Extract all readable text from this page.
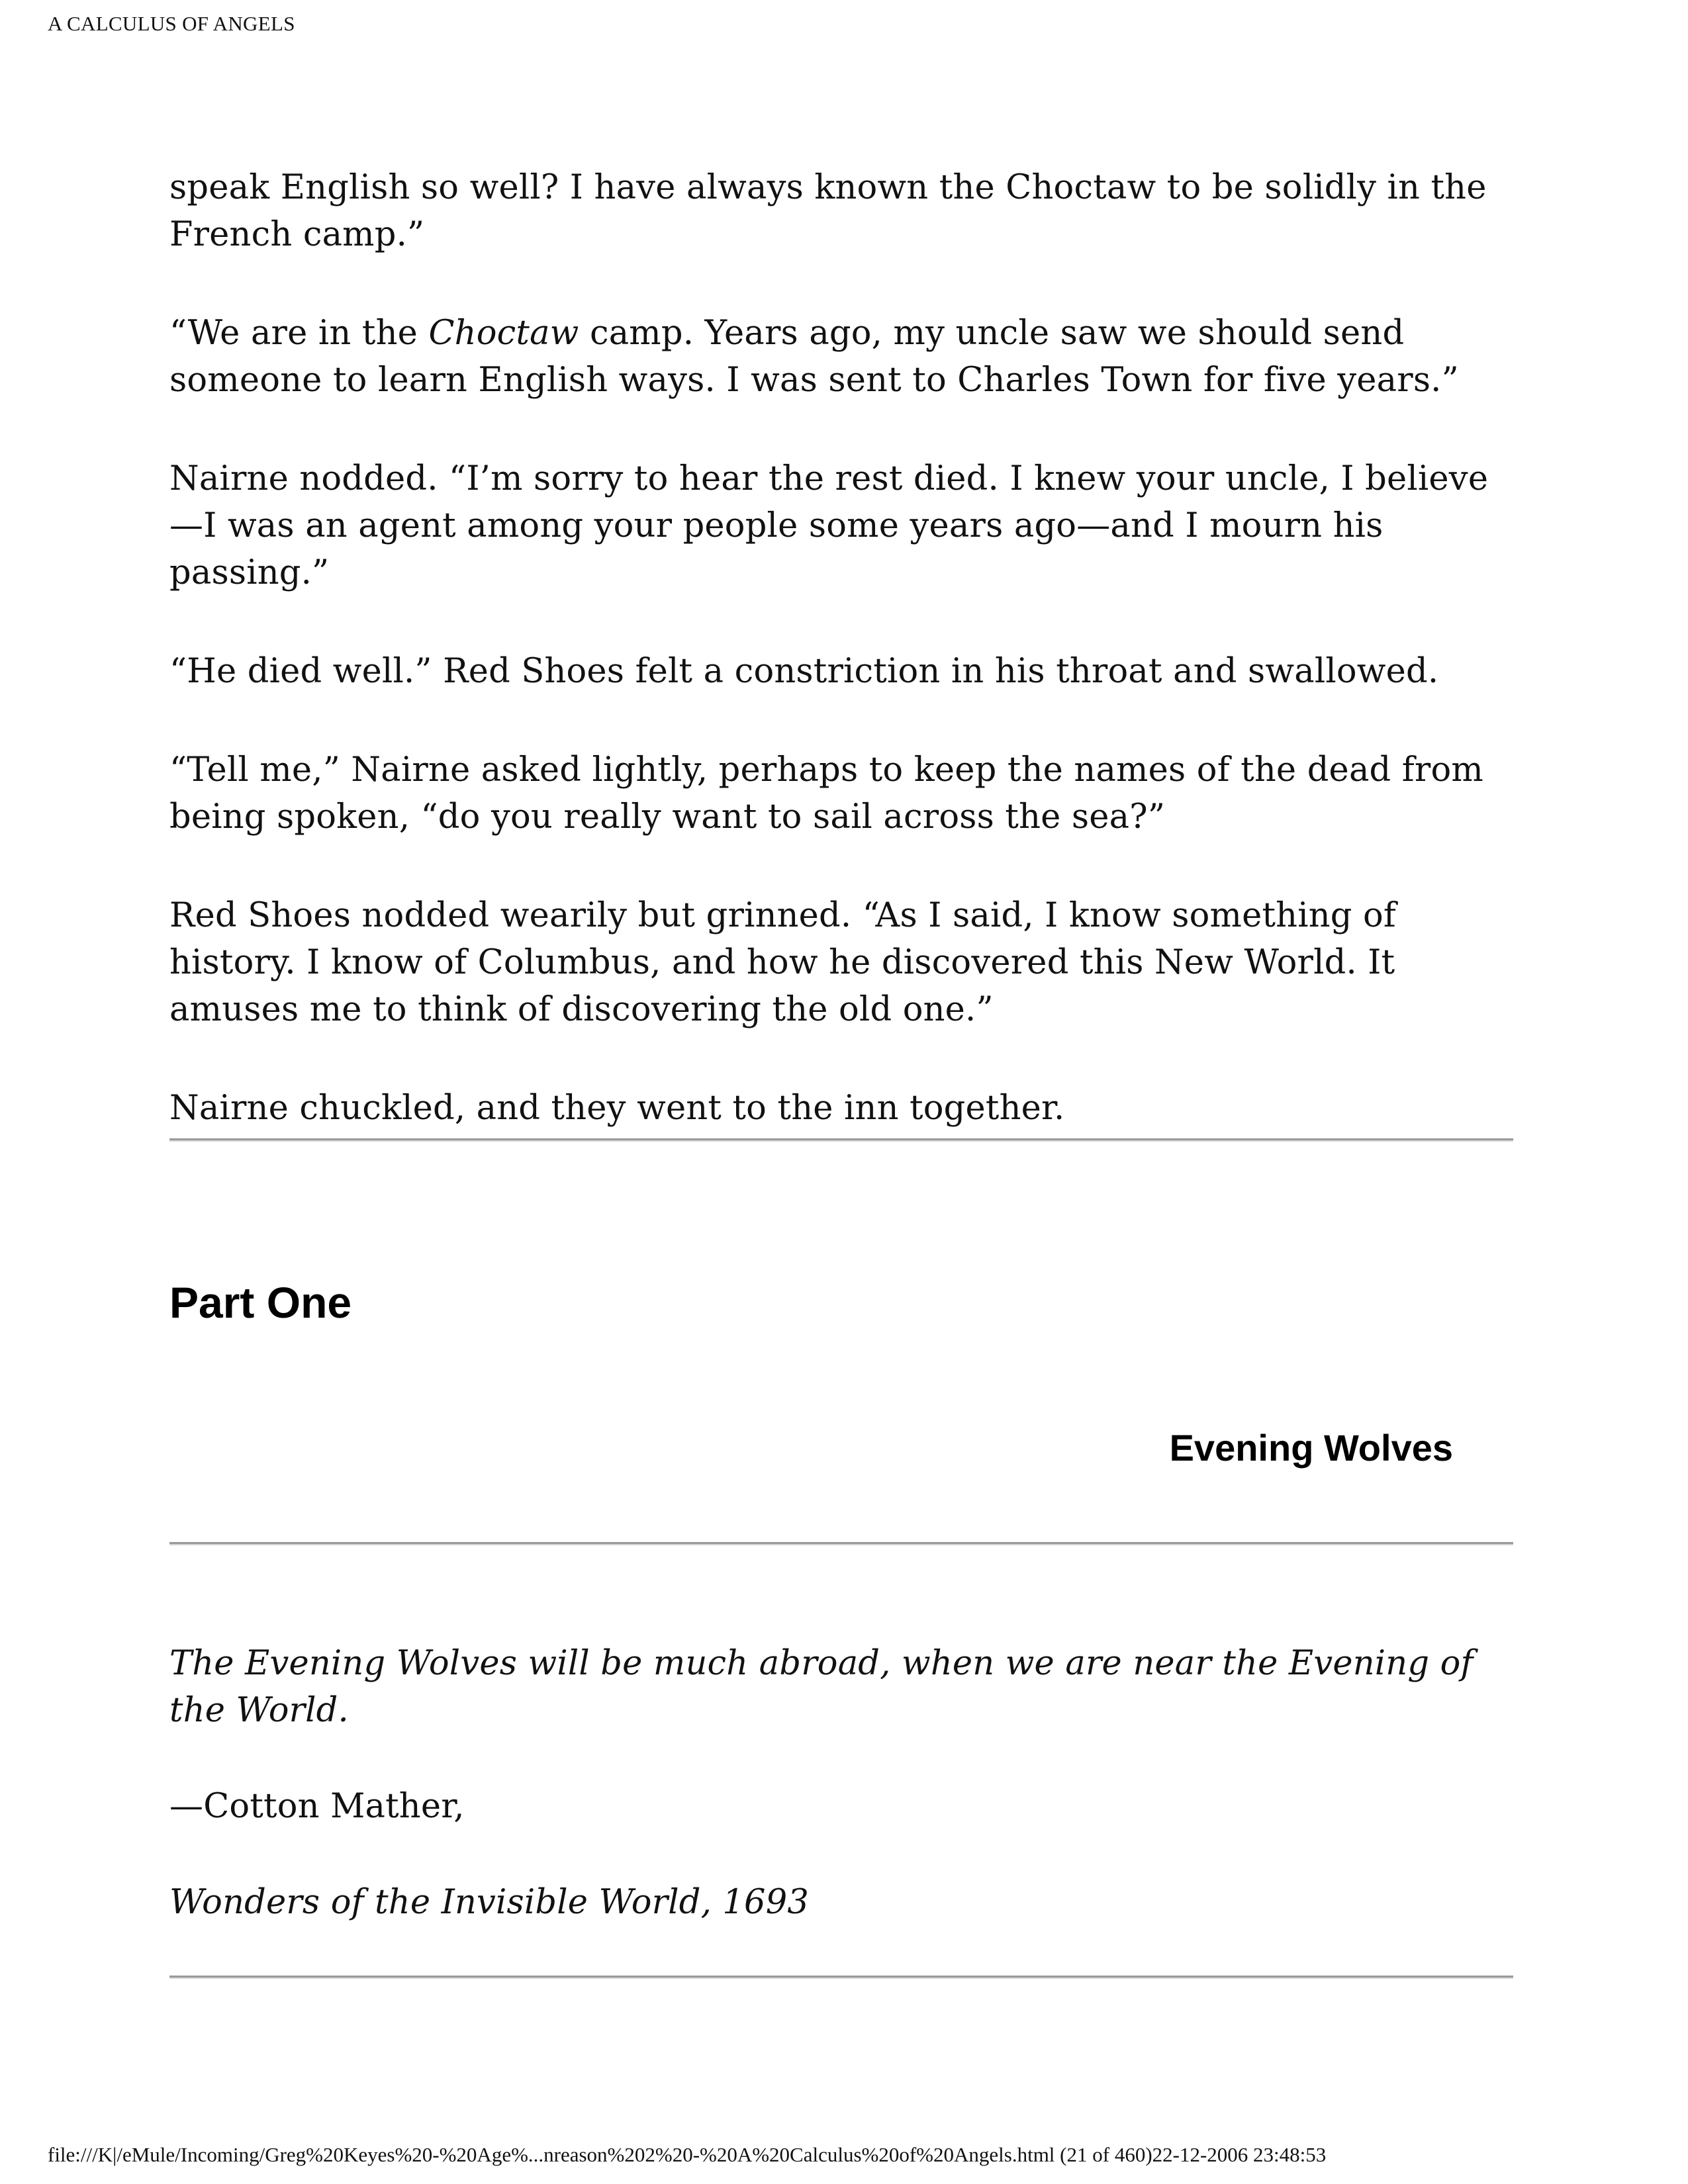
A CALCULUS OF ANGELS

speak English so well? I have always known the Choctaw to be solidly in the French camp.”

“We are in the Choctaw camp. Years ago, my uncle saw we should send someone to learn English ways. I was sent to Charles Town for five years.”

Nairne nodded. “I’m sorry to hear the rest died. I knew your uncle, I believe—I was an agent among your people some years ago—and I mourn his passing.”

“He died well.” Red Shoes felt a constriction in his throat and swallowed.

“Tell me,” Nairne asked lightly, perhaps to keep the names of the dead from being spoken, “do you really want to sail across the sea?”

Red Shoes nodded wearily but grinned. “As I said, I know something of history. I know of Columbus, and how he discovered this New World. It amuses me to think of discovering the old one.”

Nairne chuckled, and they went to the inn together.

Part One
Evening Wolves

The Evening Wolves will be much abroad, when we are near the Evening of the World.

—Cotton Mather,

Wonders of the Invisible World, 1693

file:///K|/eMule/Incoming/Greg%20Keyes%20-%20Age%...nreason%202%20-%20A%20Calculus%20of%20Angels.html (21 of 460)22-12-2006 23:48:53
